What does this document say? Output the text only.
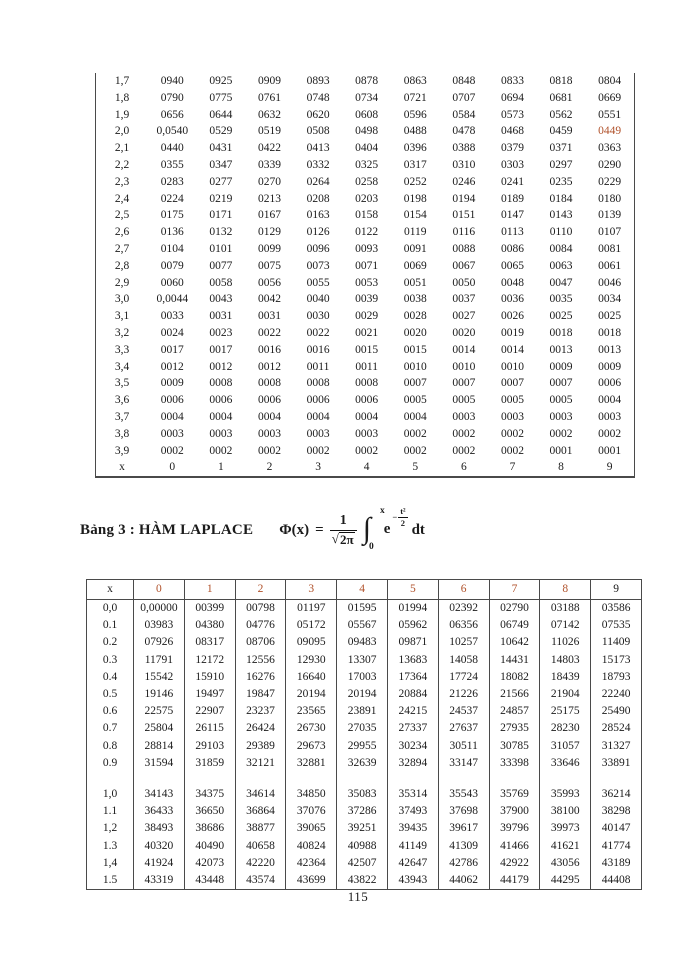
1,7	0940	0925	0909	0893	0878	0863	0848	0833	0818	0804
1,8	0790	0775	0761	0748	0734	0721	0707	0694	0681	0669
1,9	0656	0644	0632	0620	0608	0596	0584	0573	0562	0551
2,0	0,0540	0529	0519	0508	0498	0488	0478	0468	0459	0449
2,1	0440	0431	0422	0413	0404	0396	0388	0379	0371	0363
2,2	0355	0347	0339	0332	0325	0317	0310	0303	0297	0290
2,3	0283	0277	0270	0264	0258	0252	0246	0241	0235	0229
2,4	0224	0219	0213	0208	0203	0198	0194	0189	0184	0180
2,5	0175	0171	0167	0163	0158	0154	0151	0147	0143	0139
2,6	0136	0132	0129	0126	0122	0119	0116	0113	0110	0107
2,7	0104	0101	0099	0096	0093	0091	0088	0086	0084	0081
2,8	0079	0077	0075	0073	0071	0069	0067	0065	0063	0061
2,9	0060	0058	0056	0055	0053	0051	0050	0048	0047	0046
3,0	0,0044	0043	0042	0040	0039	0038	0037	0036	0035	0034
3,1	0033	0031	0031	0030	0029	0028	0027	0026	0025	0025
3,2	0024	0023	0022	0022	0021	0020	0020	0019	0018	0018
3,3	0017	0017	0016	0016	0015	0015	0014	0014	0013	0013
3,4	0012	0012	0012	0011	0011	0010	0010	0010	0009	0009
3,5	0009	0008	0008	0008	0008	0007	0007	0007	0007	0006
3,6	0006	0006	0006	0006	0006	0005	0005	0005	0005	0004
3,7	0004	0004	0004	0004	0004	0004	0003	0003	0003	0003
3,8	0003	0003	0003	0003	0003	0002	0002	0002	0002	0002
3,9	0002	0002	0002	0002	0002	0002	0002	0002	0001	0001
x	0	1	2	3	4	5	6	7	8	9
Bảng 3 : HÀM LAPLACE $\Phi(x) = \frac{1}{√ 2\pi}$ ∫
x
0
e
− $\frac{\text{t²}}{2}$
dt
x	0	1	2	3	4	5	6	7	8	9
0,0	0,00000	00399	00798	01197	01595	01994	02392	02790	03188	03586
0.1	03983	04380	04776	05172	05567	05962	06356	06749	07142	07535
0.2	07926	08317	08706	09095	09483	09871	10257	10642	11026	11409
0.3	11791	12172	12556	12930	13307	13683	14058	14431	14803	15173
0.4	15542	15910	16276	16640	17003	17364	17724	18082	18439	18793
0.5	19146	19497	19847	20194	20194	20884	21226	21566	21904	22240
0.6	22575	22907	23237	23565	23891	24215	24537	24857	25175	25490
0.7	25804	26115	26424	26730	27035	27337	27637	27935	28230	28524
0.8	28814	29103	29389	29673	29955	30234	30511	30785	31057	31327
0.9	31594	31859	32121	32881	32639	32894	33147	33398	33646	33891

1,0	34143	34375	34614	34850	35083	35314	35543	35769	35993	36214
1.1	36433	36650	36864	37076	37286	37493	37698	37900	38100	38298
1,2	38493	38686	38877	39065	39251	39435	39617	39796	39973	40147
1.3	40320	40490	40658	40824	40988	41149	41309	41466	41621	41774
1,4	41924	42073	42220	42364	42507	42647	42786	42922	43056	43189
1.5	43319	43448	43574	43699	43822	43943	44062	44179	44295	44408
115
